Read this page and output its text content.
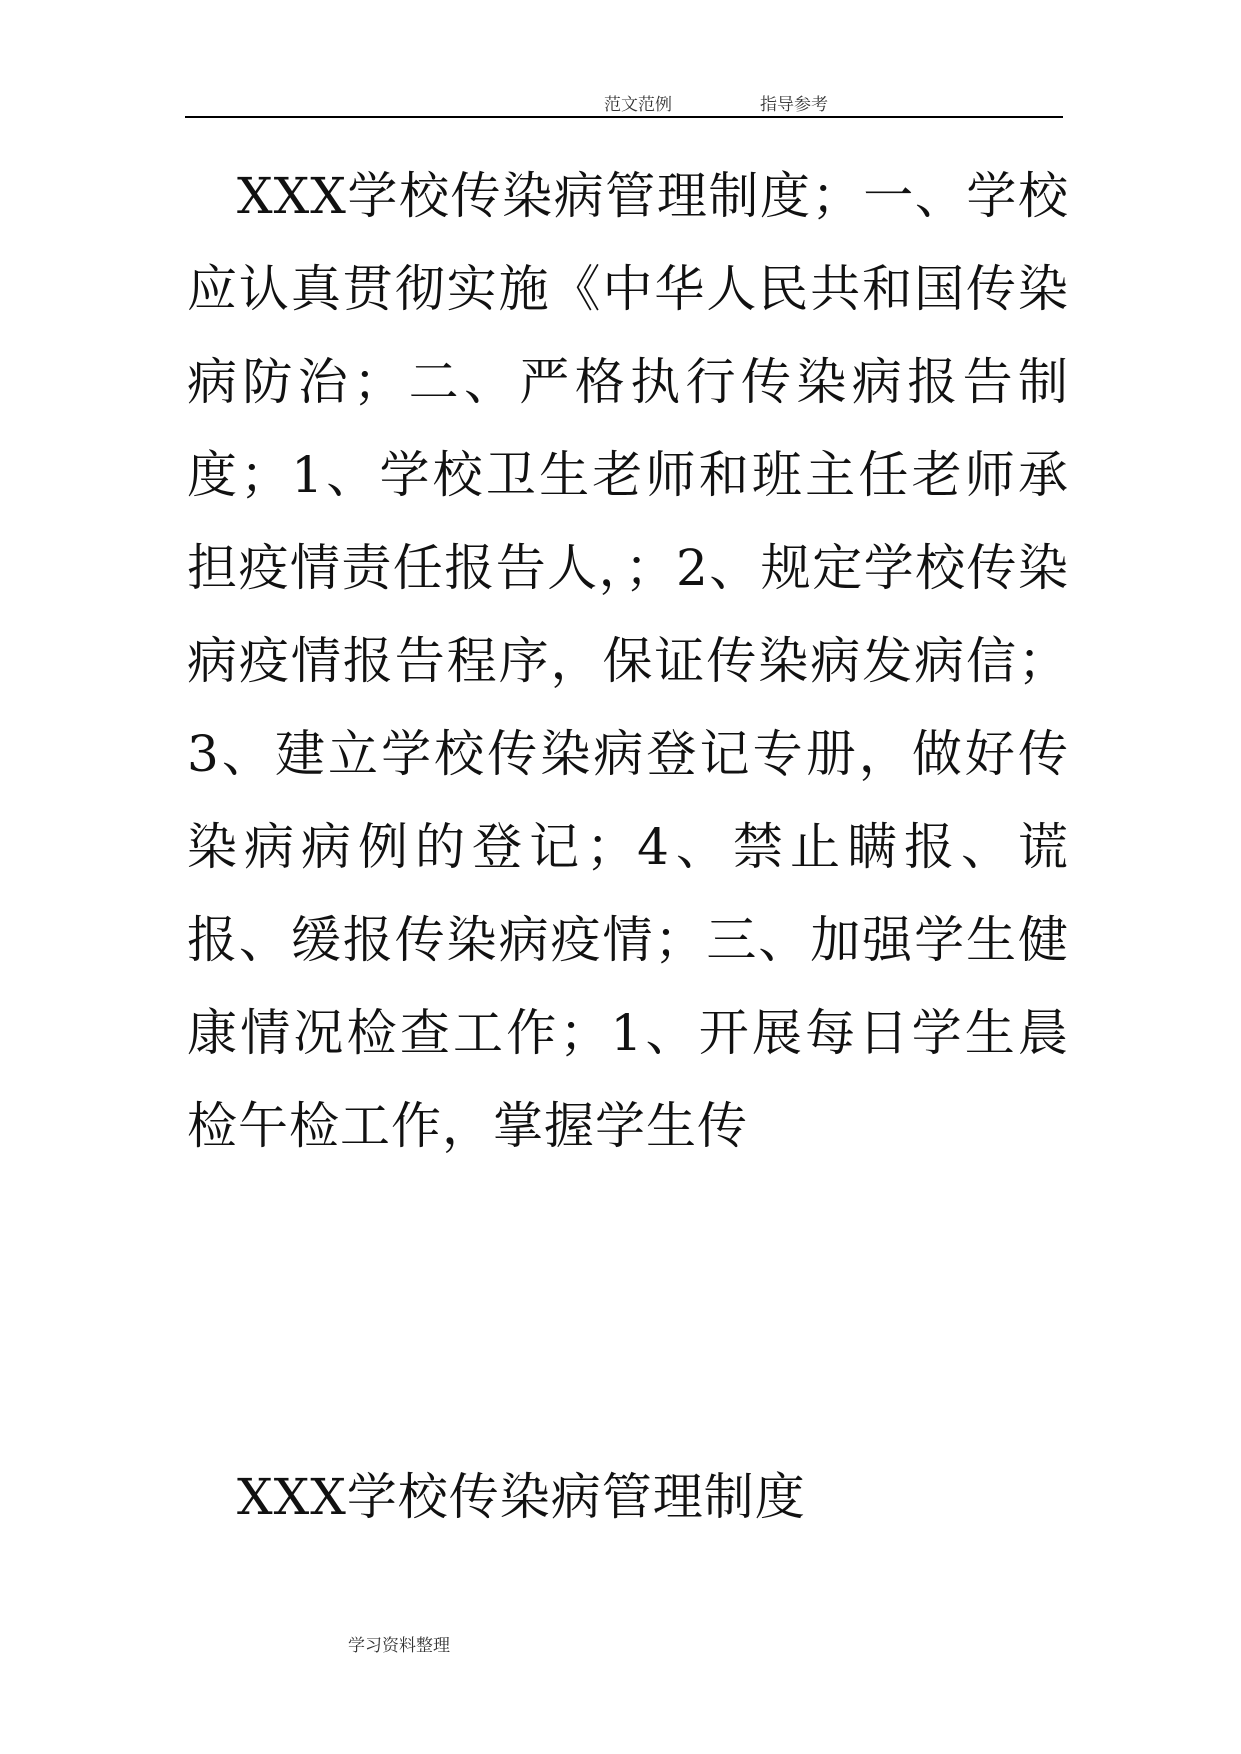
范文范例	指导参考

XXX学校传染病管理制度；一、学校应认真贯彻实施《中华人民共和国传染病防治；二、严格执行传染病报告制度；1、学校卫生老师和班主任老师承担疫情责任报告人，；2、规定学校传染病疫情报告程序，保证传染病发病信；3、建立学校传染病登记专册，做好传染病病例的登记；4、禁止瞒报、谎报、缓报传染病疫情；三、加强学生健康情况检查工作；1、开展每日学生晨检午检工作，掌握学生传

XXX学校传染病管理制度
学习资料整理
